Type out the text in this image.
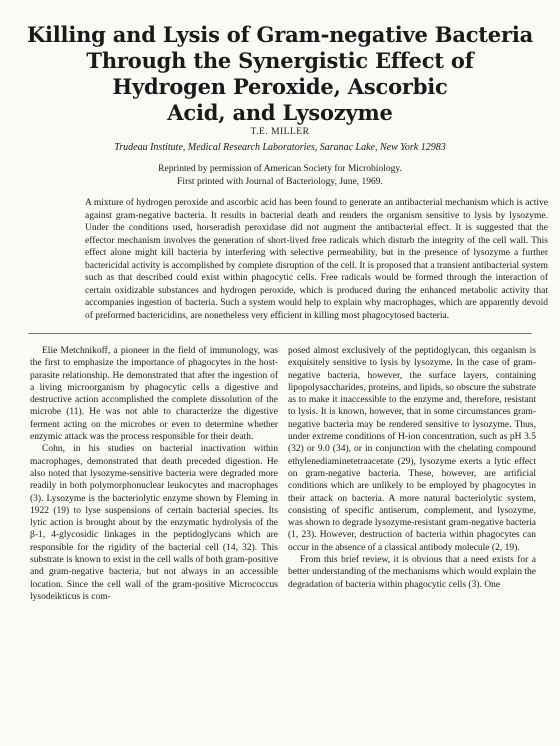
Killing and Lysis of Gram-negative Bacteria
Through the Synergistic Effect of
Hydrogen Peroxide, Ascorbic
Acid, and Lysozyme
T.E. MILLER
Trudeau Institute, Medical Research Laboratories, Saranac Lake, New York 12983
Reprinted by permission of American Society for Microbiology.
First printed with Journal of Bacteriology, June, 1969.

A mixture of hydrogen peroxide and ascorbic acid has been found to generate an antibacterial mechanism which is active against gram-negative bacteria. It results in bacterial death and renders the organism sensitive to lysis by lysozyme. Under the conditions used, horseradish peroxidase did not augment the antibacterial effect. It is suggested that the effector mechanism involves the generation of short-lived free radicals which disturb the integrity of the cell wall. This effect alone might kill bacteria by interfering with selective permeability, but in the presence of lysozyme a further bactericidal activity is accomplished by complete disruption of the cell. It is proposed that a transient antibacterial system such as that described could exist within phagocytic cells. Free radicals would be formed through the interaction of certain oxidizable substances and hydrogen peroxide, which is produced during the enhanced metabolic activity that accompanies ingestion of bacteria. Such a system would help to explain why macrophages, which are apparently devoid of preformed bactericidins, are nonetheless very efficient in killing most phagocytosed bacteria.

Elie Metchnikoff, a pioneer in the field of immunology, was the first to emphasize the importance of phagocytes in the host-parasite relationship. He demonstrated that after the ingestion of a living microorganism by phagocytic cells a digestive and destructive action accomplished the complete dissolution of the microbe (11). He was not able to characterize the digestive ferment acting on the microbes or even to determine whether enzymic attack was the process responsible for their death.

Cohn, in his studies on bacterial inactivation within macrophages, demonstrated that death preceded digestion. He also noted that lysozyme-sensitive bacteria were degraded more readily in both polymorphonuclear leukocytes and macrophages (3). Lysozyme is the bacteriolytic enzyme shown by Fleming in 1922 (19) to lyse suspensions of certain bacterial species. Its lytic action is brought about by the enzymatic hydrolysis of the β-1, 4-glycosidic linkages in the peptidoglycans which are responsible for the rigidity of the bacterial cell (14, 32). This substrate is known to exist in the cell walls of both gram-positive and gram-negative bacteria, but not always in an accessible location. Since the cell wall of the gram-positive Micrococcus lysodeikticus is com-

posed almost exclusively of the peptidoglycan, this organism is exquisitely sensitive to lysis by lysozyme. In the case of gram-negative bacteria, however, the surface layers, containing lipopolysaccharides, proteins, and lipids, so obscure the substrate as to make it inaccessible to the enzyme and, therefore, resistant to lysis. It is known, however, that in some circumstances gram-negative bacteria may be rendered sensitive to lysozyme. Thus, under extreme conditions of H-ion concentration, such as pH 3.5 (32) or 9.0 (34), or in conjunction with the chelating compound ethylenediaminetetraacetate (29), lysozyme exerts a lytic effect on gram-negative bacteria. These, however, are artificial conditions which are unlikely to be employed by phagocytes in their attack on bacteria. A more natural bacteriolytic system, consisting of specific antiserum, complement, and lysozyme, was shown to degrade lysozyme-resistant gram-negative bacteria (1, 23). However, destruction of bacteria within phagocytes can occur in the absence of a classical antibody molecule (2, 19).

From this brief review, it is obvious that a need exists for a better understanding of the mechanisms which would explain the degradation of bacteria within phagocytic cells (3). One
